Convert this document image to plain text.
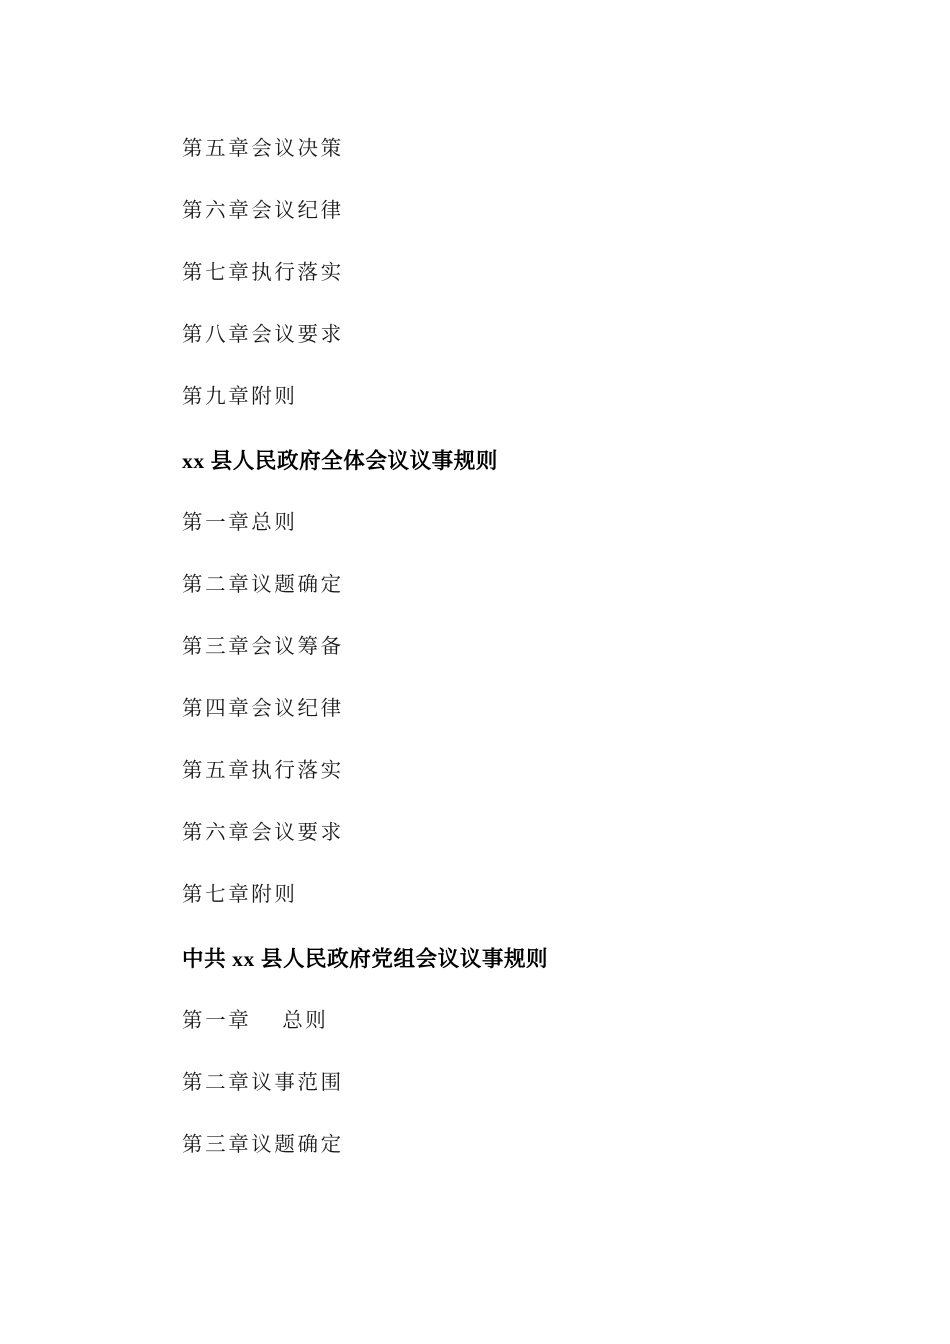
第五章会议决策
第六章会议纪律
第七章执行落实
第八章会议要求
第九章附则
xx 县人民政府全体会议议事规则
第一章总则
第二章议题确定
第三章会议筹备
第四章会议纪律
第五章执行落实
第六章会议要求
第七章附则
中共 xx 县人民政府党组会议议事规则
第一章    总则
第二章议事范围
第三章议题确定
